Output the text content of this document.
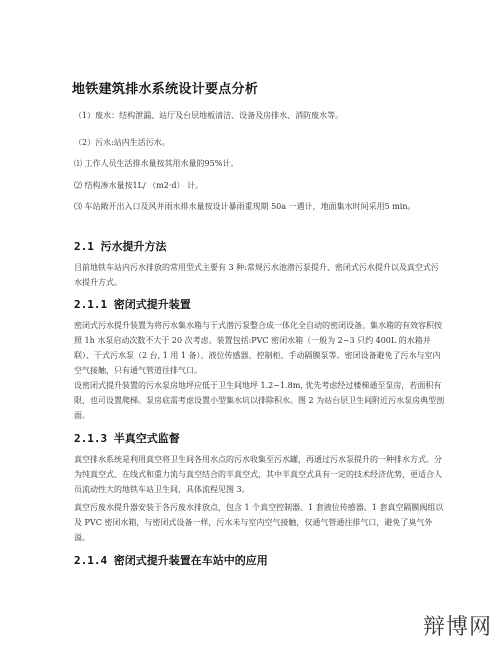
地铁建筑排水系统设计要点分析
（1）废水：结构泄漏、站厅及台层地板清洁、设备及房排水、消防废水等。
（2）污水:站内生活污水。
⑴ 工作人员生活排水量按其用水量的95%计。
⑵ 结构渗水量按1L/ （m2·d） 计。
⑶ 车站敞开出入口及风井雨水排水量按设计暴雨重现期 50a 一遇计，地面集水时间采用5 min。
2.1 污水提升方法
目前地铁车站内污水排放的常用型式主要有 3 种:常规污水池潜污泵提升、密闭式污水提升以及真空式污水提升方式。
2.1.1 密闭式提升装置
密闭式污水提升装置为将污水集水箱与干式潜污泵整合成一体化全自动的密闭设备。集水箱的有效容积按照 1h 水泵启动次数不大于 20 次考虑。装置包括:PVC 密闭水箱（一般为 2~3 只约 400L 的水箱并联）、干式污水泵（2 台, 1 用 1 备）、液位传感器、控制柜、手动隔膜泵等。密闭设备避免了污水与室内空气接触，只有通气管道往排气口。
设密闭式提升装置的污水泵房地坪应低于卫生间地坪 1.2~1.8m, 优先考虑经过楼梯通至泵房，若面积有限，也可设置爬梯。泵房底需考虑设置小型集水坑以排除积水。图 2 为站台层卫生间附近污水泵房典型剖面。
2.1.3 半真空式监督
真空排水系统是利用真空将卫生间各用水点的污水收集至污水罐，再通过污水泵提升的一种排水方式。分为纯真空式、在线式和重力流与真空结合的半真空式，其中半真空式具有一定的技术经济优势，更适合人员流动性大的地铁车站卫生间，具体流程见图 3。
真空污废水提升器安装于各污废水排放点，包含 1 个真空控制器、1 套液位传感器、1 套真空隔膜阀组以及 PVC 密闭水箱，与密闭式设备一样，污水未与室内空气接触，仅通气管通往排气口，避免了臭气外溢。
2.1.4 密闭式提升装置在车站中的应用
辩博网
